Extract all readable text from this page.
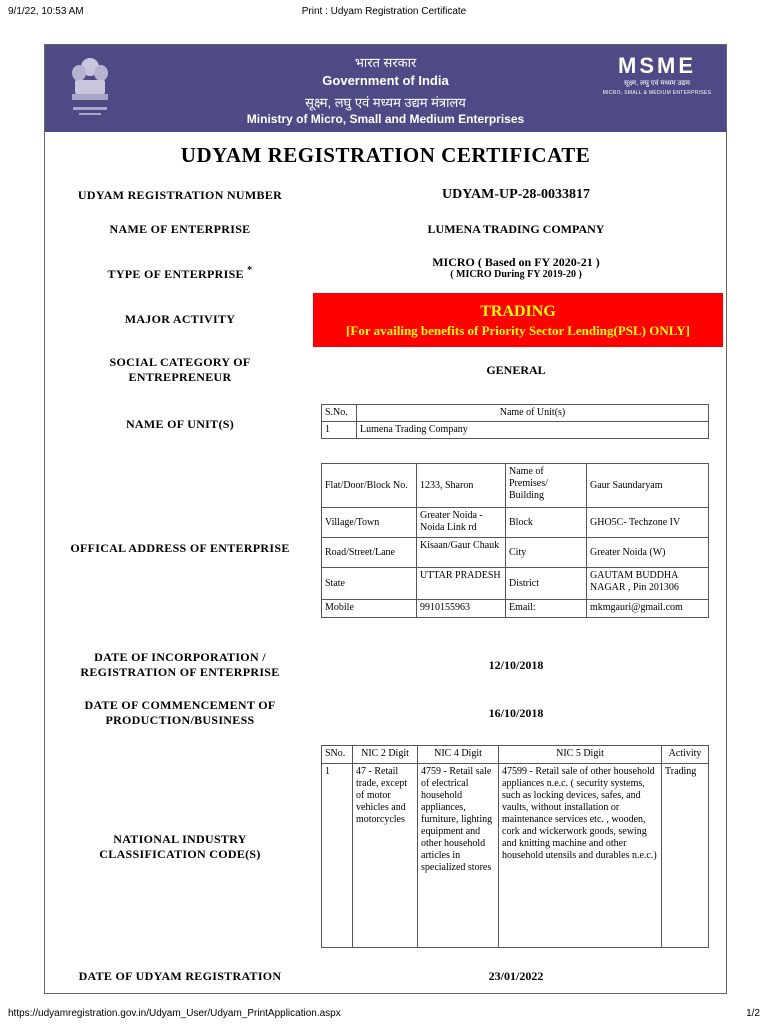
9/1/22, 10:53 AM	Print : Udyam Registration Certificate
भारत सरकार
Government of India
सूक्ष्म, लघु एवं मध्यम उद्यम मंत्रालय
Ministry of Micro, Small and Medium Enterprises
MSME
सूक्ष्म, लघु एवं मध्यम उद्यम
MICRO, SMALL & MEDIUM ENTERPRISES
UDYAM REGISTRATION CERTIFICATE
UDYAM REGISTRATION NUMBER	UDYAM-UP-28-0033817
NAME OF ENTERPRISE	LUMENA TRADING COMPANY
TYPE OF ENTERPRISE *
MICRO ( Based on FY 2020-21 )
( MICRO During FY 2019-20 )
MAJOR ACTIVITY	TRADING
[For availing benefits of Priority Sector Lending(PSL) ONLY]
SOCIAL CATEGORY OF
ENTREPRENEUR	GENERAL
NAME OF UNIT(S)
S.No.	Name of Unit(s)
1	Lumena Trading Company
OFFICAL ADDRESS OF ENTERPRISE
Flat/Door/Block No.	1233, Sharon	Name of Premises/ Building	Gaur Saundaryam
Village/Town	Greater Noida - Noida Link rd	Block	GHO5C- Techzone IV
Road/Street/Lane	Kisaan/Gaur Chauk	City	Greater Noida (W)
State	UTTAR PRADESH	District	GAUTAM BUDDHA NAGAR , Pin 201306
Mobile	9910155963	Email:	mkmgauri@gmail.com
DATE OF INCORPORATION /
REGISTRATION OF ENTERPRISE	12/10/2018
DATE OF COMMENCEMENT OF
PRODUCTION/BUSINESS	16/10/2018
NATIONAL INDUSTRY
CLASSIFICATION CODE(S)
SNo.	NIC 2 Digit	NIC 4 Digit	NIC 5 Digit	Activity
1	47 - Retail trade, except of motor vehicles and motorcycles	4759 - Retail sale of electrical household appliances, furniture, lighting equipment and other household articles in specialized stores	47599 - Retail sale of other household appliances n.e.c. ( security systems, such as locking devices, safes, and vaults, without installation or maintenance services etc. , wooden, cork and wickerwork goods, sewing and knitting machine and other household utensils and durables n.e.c.)	Trading
DATE OF UDYAM REGISTRATION	23/01/2022
https://udyamregistration.gov.in/Udyam_User/Udyam_PrintApplication.aspx	1/2
